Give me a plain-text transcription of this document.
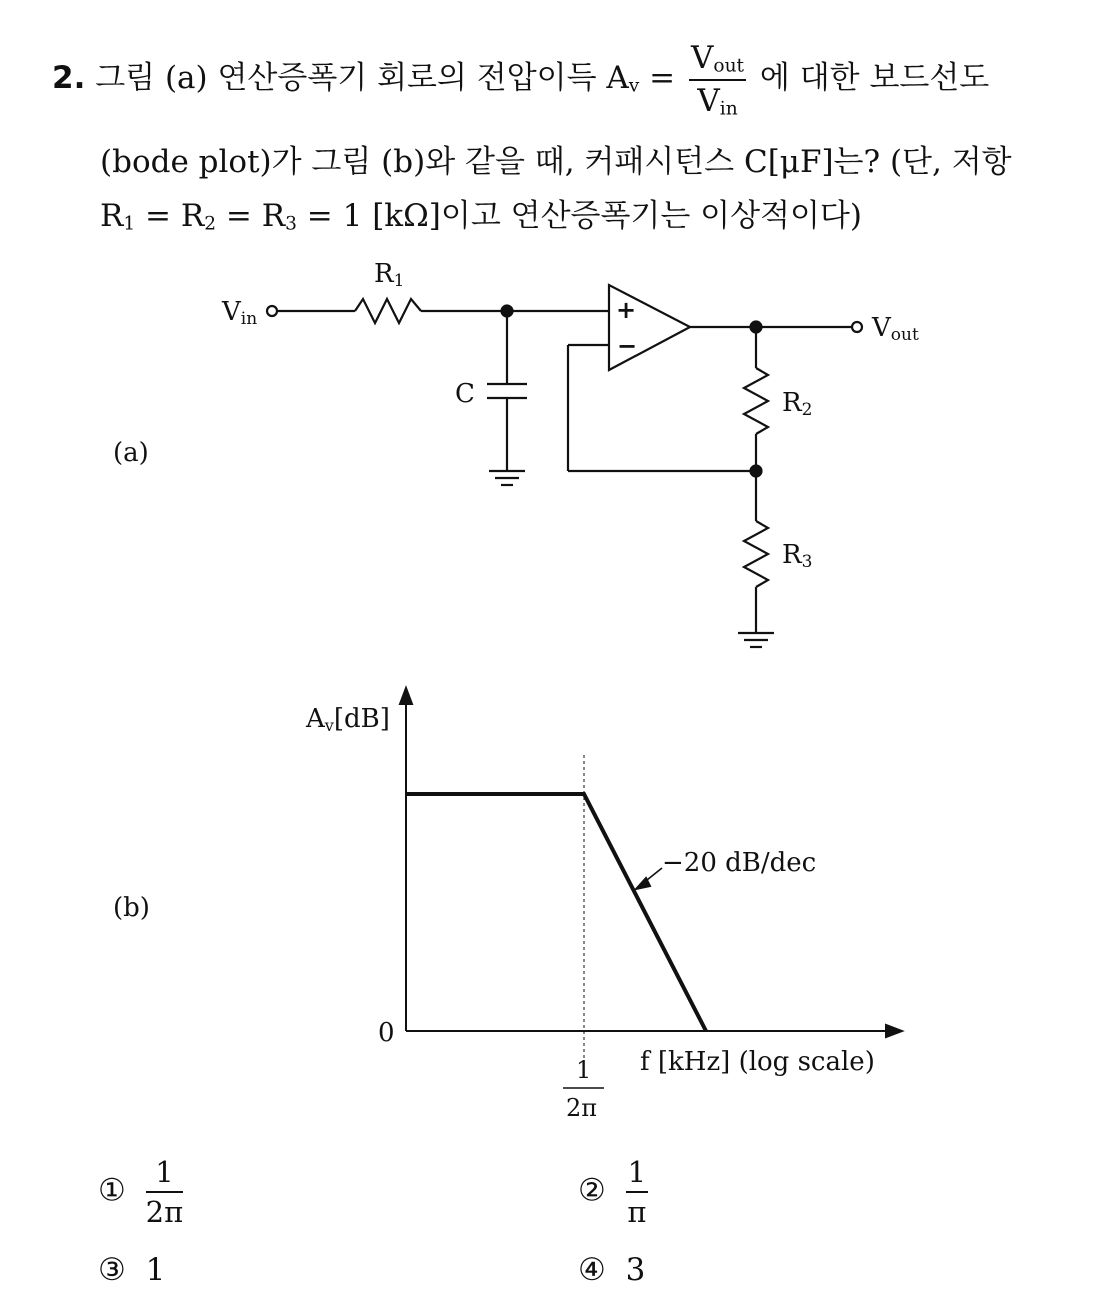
2. 그림 (a) 연산증폭기 회로의 전압이득 $A_v = \frac{V_{out}}{V_{in}}$ 에 대한 보드선도
(bode plot)가 그림 (b)와 같을 때, 커패시턴스 C[μF]는? (단, 저항
$R_1 = R_2 = R_3 = 1$ [kΩ]이고 연산증폭기는 이상적이다)
+
−
Vin
R1
C
Vout
R2
R3
(a)
Av[dB]
0
f [kHz] (log scale)
−20 dB/dec
1
2π
(b)
① $\frac{1}{2\pi}$	② $\frac{1}{\pi}$
③ 1	④ 3
